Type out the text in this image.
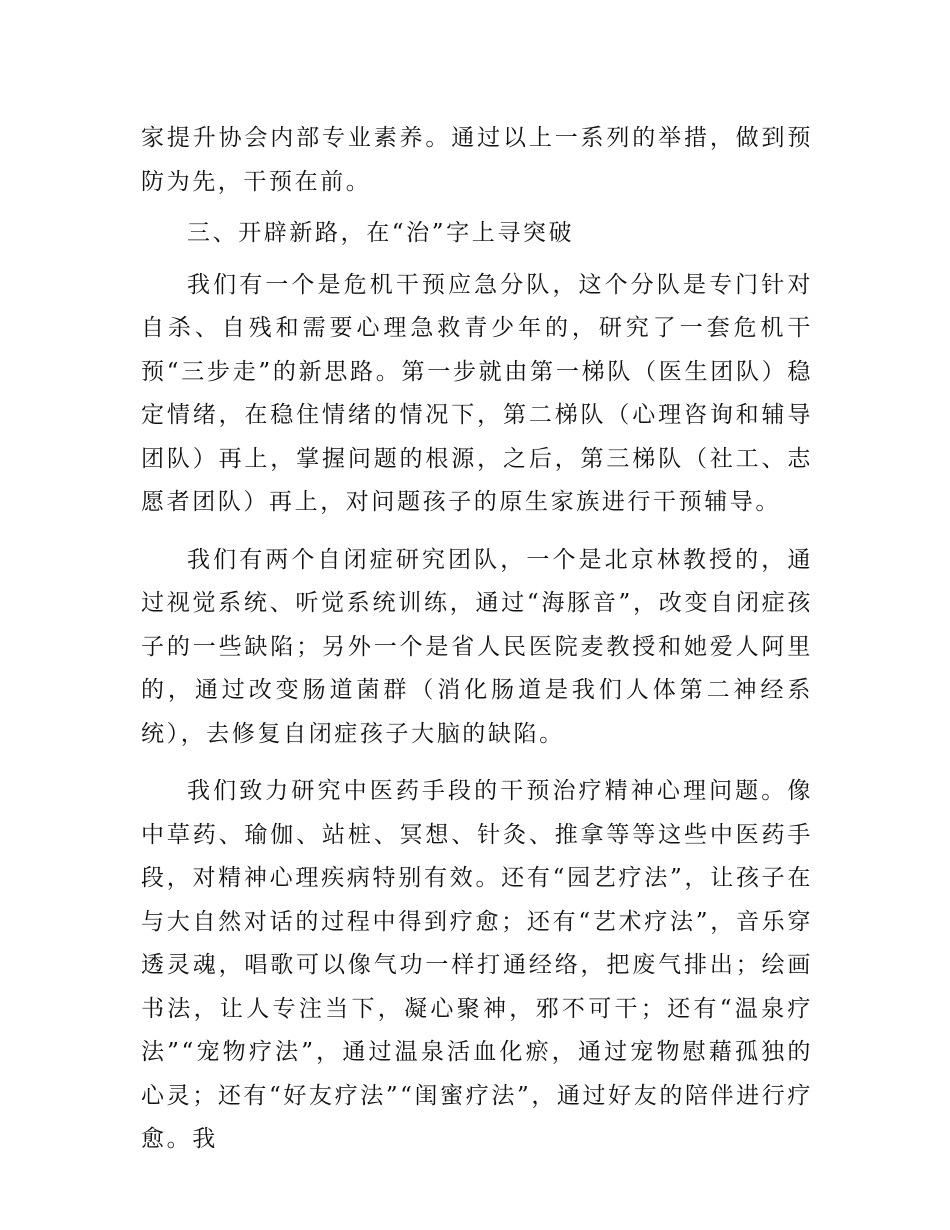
家提升协会内部专业素养。通过以上一系列的举措，做到预防为先，干预在前。

三、开辟新路，在“治”字上寻突破

我们有一个是危机干预应急分队，这个分队是专门针对自杀、自残和需要心理急救青少年的，研究了一套危机干预“三步走”的新思路。第一步就由第一梯队（医生团队）稳定情绪，在稳住情绪的情况下，第二梯队（心理咨询和辅导团队）再上，掌握问题的根源，之后，第三梯队（社工、志愿者团队）再上，对问题孩子的原生家族进行干预辅导。

我们有两个自闭症研究团队，一个是北京林教授的，通过视觉系统、听觉系统训练，通过“海豚音”，改变自闭症孩子的一些缺陷；另外一个是省人民医院麦教授和她爱人阿里的，通过改变肠道菌群（消化肠道是我们人体第二神经系统），去修复自闭症孩子大脑的缺陷。

我们致力研究中医药手段的干预治疗精神心理问题。像中草药、瑜伽、站桩、冥想、针灸、推拿等等这些中医药手段，对精神心理疾病特别有效。还有“园艺疗法”，让孩子在与大自然对话的过程中得到疗愈；还有“艺术疗法”，音乐穿透灵魂，唱歌可以像气功一样打通经络，把废气排出；绘画书法，让人专注当下，凝心聚神，邪不可干；还有“温泉疗法”“宠物疗法”，通过温泉活血化瘀，通过宠物慰藉孤独的心灵；还有“好友疗法”“闺蜜疗法”，通过好友的陪伴进行疗愈。我
